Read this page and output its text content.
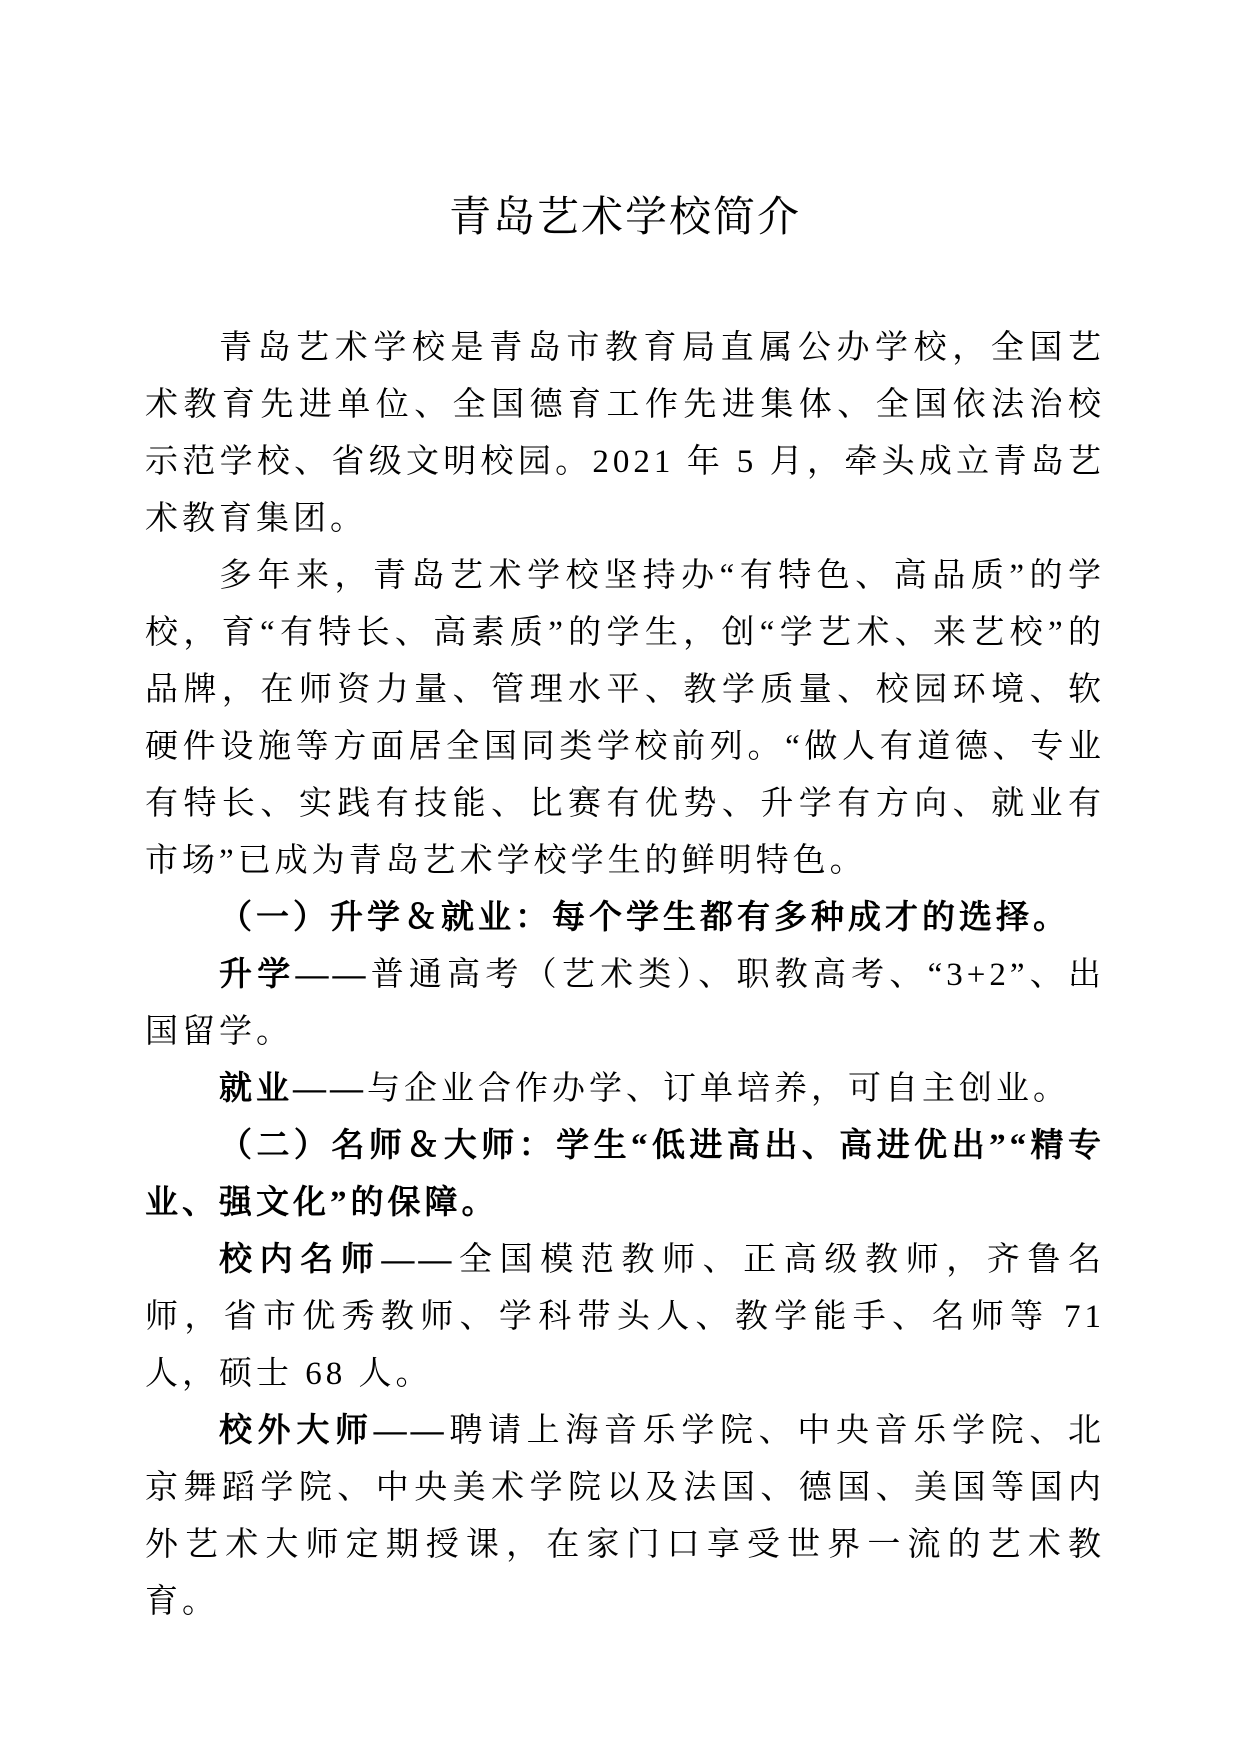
青岛艺术学校简介

青岛艺术学校是青岛市教育局直属公办学校，全国艺术教育先进单位、全国德育工作先进集体、全国依法治校示范学校、省级文明校园。2021 年 5 月，牵头成立青岛艺术教育集团。

多年来，青岛艺术学校坚持办“有特色、高品质”的学校，育“有特长、高素质”的学生，创“学艺术、来艺校”的品牌，在师资力量、管理水平、教学质量、校园环境、软硬件设施等方面居全国同类学校前列。“做人有道德、专业有特长、实践有技能、比赛有优势、升学有方向、就业有市场”已成为青岛艺术学校学生的鲜明特色。

（一）升学＆就业：每个学生都有多种成才的选择。

升学——普通高考（艺术类）、职教高考、“3+2”、出国留学。

就业——与企业合作办学、订单培养，可自主创业。

（二）名师＆大师：学生“低进高出、高进优出”“精专业、强文化”的保障。

校内名师——全国模范教师、正高级教师，齐鲁名师，省市优秀教师、学科带头人、教学能手、名师等 71 人，硕士 68 人。

校外大师——聘请上海音乐学院、中央音乐学院、北京舞蹈学院、中央美术学院以及法国、德国、美国等国内外艺术大师定期授课，在家门口享受世界一流的艺术教育。
